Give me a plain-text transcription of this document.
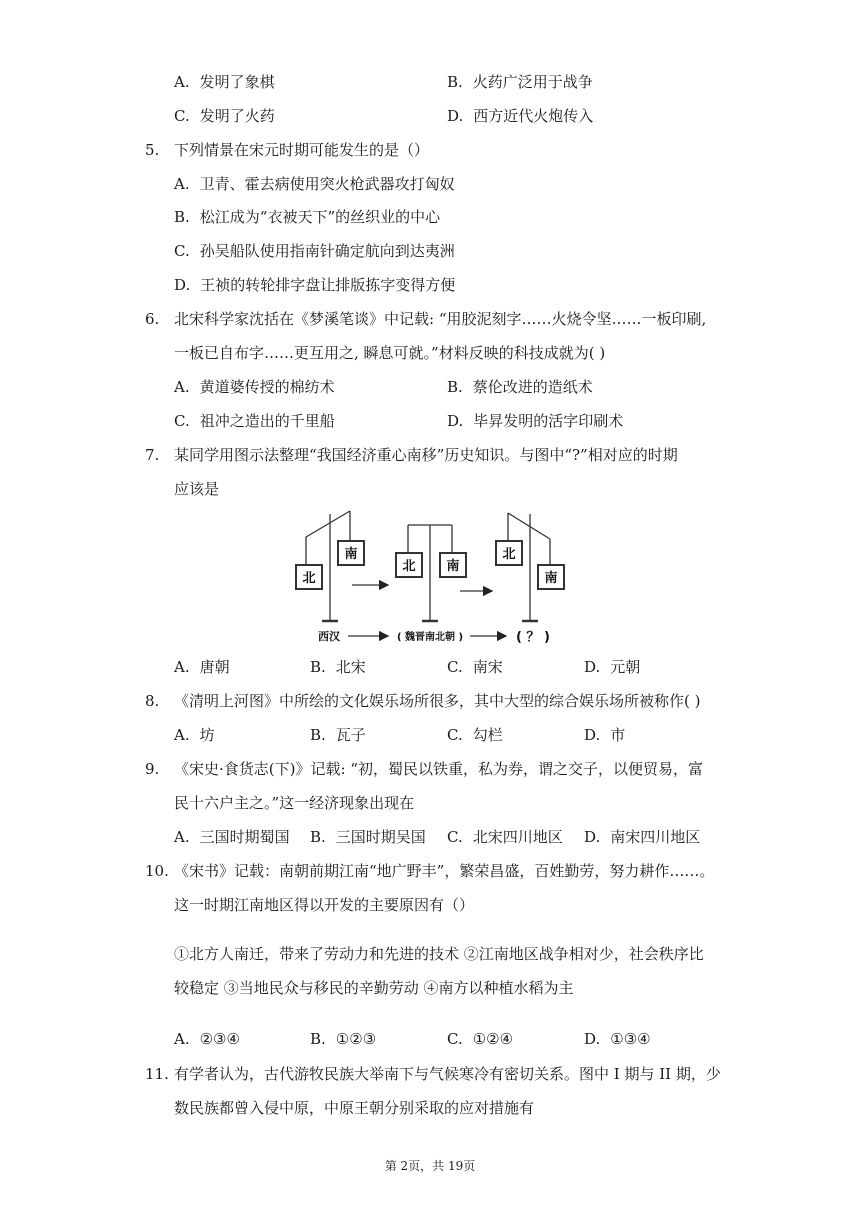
A. 发明了象棋	B. 火药广泛用于战争
C. 发明了火药	D. 西方近代火炮传入
5. 下列情景在宋元时期可能发生的是（）
A. 卫青、霍去病使用突火枪武器攻打匈奴
B. 松江成为“衣被天下”的丝织业的中心
C. 孙吴船队使用指南针确定航向到达夷洲
D. 王祯的转轮排字盘让排版拣字变得方便
6. 北宋科学家沈括在《梦溪笔谈》中记载: “用胶泥刻字……火烧令坚……一板印刷,
一板已自布字……更互用之, 瞬息可就。”材料反映的科技成就为( )
A. 黄道婆传授的棉纺术	B. 蔡伦改进的造纸术
C. 祖冲之造出的千里船	D. 毕昇发明的活字印刷术
7. 某同学用图示法整理“我国经济重心南移”历史知识。与图中“?”相对应的时期
应该是
北
南
北 南
北
南
西汉	( 魏晋南北朝 )	( ？ )
A. 唐朝	B. 北宋	C. 南宋	D. 元朝
8. 《清明上河图》中所绘的文化娱乐场所很多，其中大型的综合娱乐场所被称作( )
A. 坊	B. 瓦子	C. 勾栏	D. 市
9. 《宋史·食货志(下)》记载: “初，蜀民以铁重，私为券，谓之交子，以便贸易，富
民十六户主之。”这一经济现象出现在
A. 三国时期蜀国 B. 三国时期吴国 C. 北宋四川地区 D. 南宋四川地区
10. 《宋书》记载：南朝前期江南“地广野丰”，繁荣昌盛，百姓勤劳，努力耕作……。
这一时期江南地区得以开发的主要原因有（）
①北方人南迁，带来了劳动力和先进的技术 ②江南地区战争相对少，社会秩序比
较稳定 ③当地民众与移民的辛勤劳动 ④南方以种植水稻为主
A. ②③④	B. ①②③	C. ①②④	D. ①③④
11. 有学者认为，古代游牧民族大举南下与气候寒冷有密切关系。图中 I 期与 II 期，少
数民族都曾入侵中原，中原王朝分别采取的应对措施有
第 2页，共 19页
